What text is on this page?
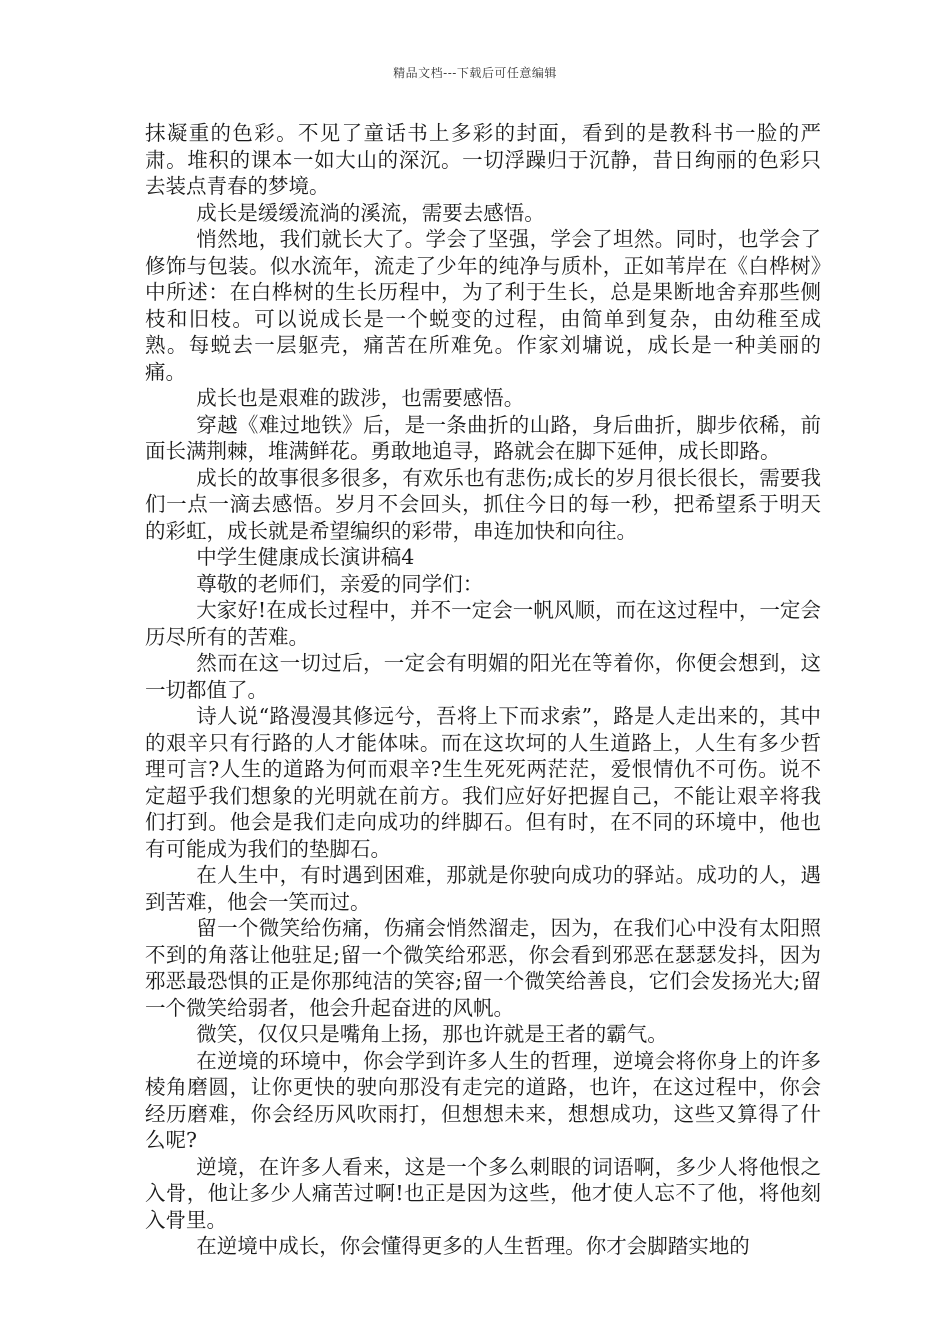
精品文档---下载后可任意编辑

抹凝重的色彩。不见了童话书上多彩的封面，看到的是教科书一脸的严肃。堆积的课本一如大山的深沉。一切浮躁归于沉静，昔日绚丽的色彩只去装点青春的梦境。

成长是缓缓流淌的溪流，需要去感悟。

悄然地，我们就长大了。学会了坚强，学会了坦然。同时，也学会了修饰与包装。似水流年，流走了少年的纯净与质朴，正如苇岸在《白桦树》中所述：在白桦树的生长历程中，为了利于生长，总是果断地舍弃那些侧枝和旧枝。可以说成长是一个蜕变的过程，由简单到复杂，由幼稚至成熟。每蜕去一层躯壳，痛苦在所难免。作家刘墉说，成长是一种美丽的痛。

成长也是艰难的跋涉，也需要感悟。

穿越《难过地铁》后，是一条曲折的山路，身后曲折，脚步依稀，前面长满荆棘，堆满鲜花。勇敢地追寻，路就会在脚下延伸，成长即路。

成长的故事很多很多，有欢乐也有悲伤;成长的岁月很长很长，需要我们一点一滴去感悟。岁月不会回头，抓住今日的每一秒，把希望系于明天的彩虹，成长就是希望编织的彩带，串连加快和向往。

中学生健康成长演讲稿4

尊敬的老师们，亲爱的同学们：

大家好!在成长过程中，并不一定会一帆风顺，而在这过程中，一定会历尽所有的苦难。

然而在这一切过后，一定会有明媚的阳光在等着你，你便会想到，这一切都值了。

诗人说“路漫漫其修远兮，吾将上下而求索”，路是人走出来的，其中的艰辛只有行路的人才能体味。而在这坎坷的人生道路上，人生有多少哲理可言?人生的道路为何而艰辛?生生死死两茫茫，爱恨情仇不可伤。说不定超乎我们想象的光明就在前方。我们应好好把握自己，不能让艰辛将我们打到。他会是我们走向成功的绊脚石。但有时，在不同的环境中，他也有可能成为我们的垫脚石。

在人生中，有时遇到困难，那就是你驶向成功的驿站。成功的人，遇到苦难，他会一笑而过。

留一个微笑给伤痛，伤痛会悄然溜走，因为，在我们心中没有太阳照不到的角落让他驻足;留一个微笑给邪恶，你会看到邪恶在瑟瑟发抖，因为邪恶最恐惧的正是你那纯洁的笑容;留一个微笑给善良，它们会发扬光大;留一个微笑给弱者，他会升起奋进的风帆。

微笑，仅仅只是嘴角上扬，那也许就是王者的霸气。

在逆境的环境中，你会学到许多人生的哲理，逆境会将你身上的许多棱角磨圆，让你更快的驶向那没有走完的道路，也许，在这过程中，你会经历磨难，你会经历风吹雨打，但想想未来，想想成功，这些又算得了什么呢?

逆境，在许多人看来，这是一个多么刺眼的词语啊，多少人将他恨之入骨，他让多少人痛苦过啊!也正是因为这些，他才使人忘不了他，将他刻入骨里。

在逆境中成长，你会懂得更多的人生哲理。你才会脚踏实地的
